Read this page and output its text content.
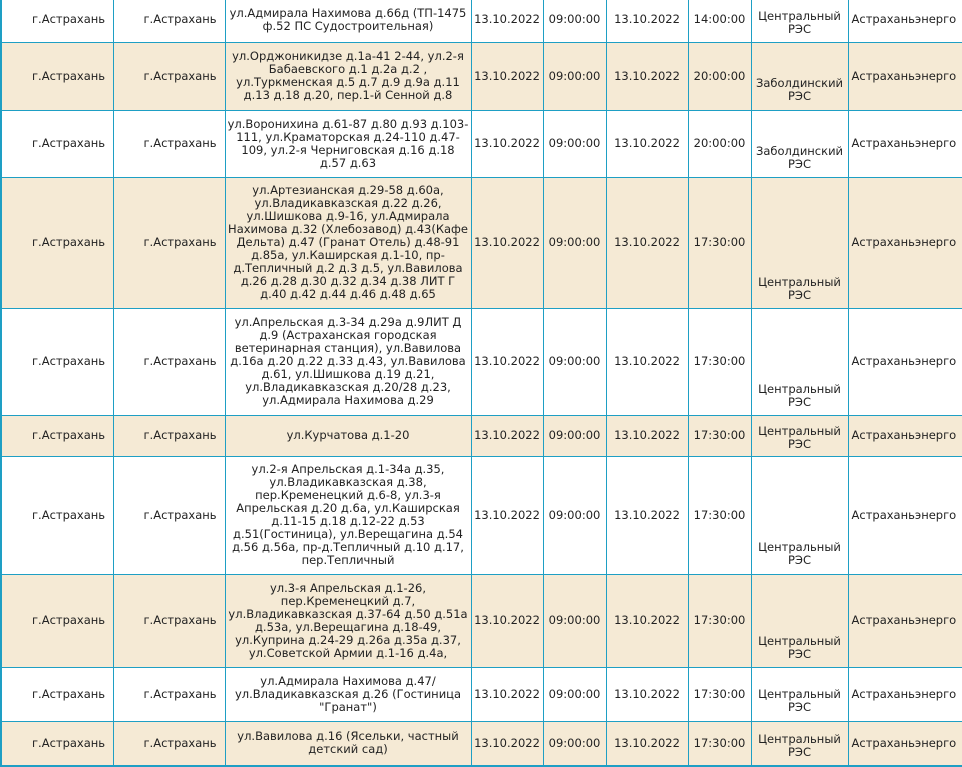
г.Астрахань	г.Астрахань	ул.Адмирала Нахимова д.66д (ТП-1475 ф.52 ПС Судостроительная)	13.10.2022	09:00:00	13.10.2022	14:00:00	Центральный РЭС	Астраханьэнерго
г.Астрахань	г.Астрахань	ул.Орджоникидзе д.1а-41 2-44, ул.2-я Бабаевского д.1 д.2а д.2 , ул.Туркменская д.5 д.7 д.9 д.9а д.11 д.13 д.18 д.20, пер.1-й Сенной д.8	13.10.2022	09:00:00	13.10.2022	20:00:00	Заболдинский РЭС	Астраханьэнерго
г.Астрахань	г.Астрахань	ул.Воронихина д.61-87 д.80 д.93 д.103-111, ул.Краматорская д.24-110 д.47-109, ул.2-я Черниговская д.16 д.18 д.57 д.63	13.10.2022	09:00:00	13.10.2022	20:00:00	Заболдинский РЭС	Астраханьэнерго
г.Астрахань	г.Астрахань	ул.Артезианская д.29-58 д.60а, ул.Владикавказская д.22 д.26, ул.Шишкова д.9-16, ул.Адмирала Нахимова д.32 (Хлебозавод) д.43(Кафе Дельта) д.47 (Гранат Отель) д.48-91 д.85а, ул.Каширская д.1-10, пр-д.Тепличный д.2 д.3 д.5, ул.Вавилова д.26 д.28 д.30 д.32 д.34 д.38 ЛИТ Г д.40 д.42 д.44 д.46 д.48 д.65	13.10.2022	09:00:00	13.10.2022	17:30:00	Центральный РЭС	Астраханьэнерго
г.Астрахань	г.Астрахань	ул.Апрельская д.3-34 д.29а д.9ЛИТ Д д.9 (Астраханская городская ветеринарная станция), ул.Вавилова д.16а д.20 д.22 д.33 д.43, ул.Вавилова д.61, ул.Шишкова д.19 д.21, ул.Владикавказская д.20/28 д.23, ул.Адмирала Нахимова д.29	13.10.2022	09:00:00	13.10.2022	17:30:00	Центральный РЭС	Астраханьэнерго
г.Астрахань	г.Астрахань	ул.Курчатова д.1-20	13.10.2022	09:00:00	13.10.2022	17:30:00	Центральный РЭС	Астраханьэнерго
г.Астрахань	г.Астрахань	ул.2-я Апрельская д.1-34а д.35, ул.Владикавказская д.38, пер.Кременецкий д.6-8, ул.3-я Апрельская д.20 д.6а, ул.Каширская д.11-15 д.18 д.12-22 д.53 д.51(Гостиница), ул.Верещагина д.54 д.56 д.56а, пр-д.Тепличный д.10 д.17, пер.Тепличный	13.10.2022	09:00:00	13.10.2022	17:30:00	Центральный РЭС	Астраханьэнерго
г.Астрахань	г.Астрахань	ул.3-я Апрельская д.1-26, пер.Кременецкий д.7, ул.Владикавказская д.37-64 д.50 д.51а д.53а, ул.Верещагина д.18-49, ул.Куприна д.24-29 д.26а д.35а д.37, ул.Советской Армии д.1-16 д.4а,	13.10.2022	09:00:00	13.10.2022	17:30:00	Центральный РЭС	Астраханьэнерго
г.Астрахань	г.Астрахань	ул.Адмирала Нахимова д.47/ ул.Владикавказская д.26 (Гостиница "Гранат")	13.10.2022	09:00:00	13.10.2022	17:30:00	Центральный РЭС	Астраханьэнерго
г.Астрахань	г.Астрахань	ул.Вавилова д.16 (Ясельки, частный детский сад)	13.10.2022	09:00:00	13.10.2022	17:30:00	Центральный РЭС	Астраханьэнерго
